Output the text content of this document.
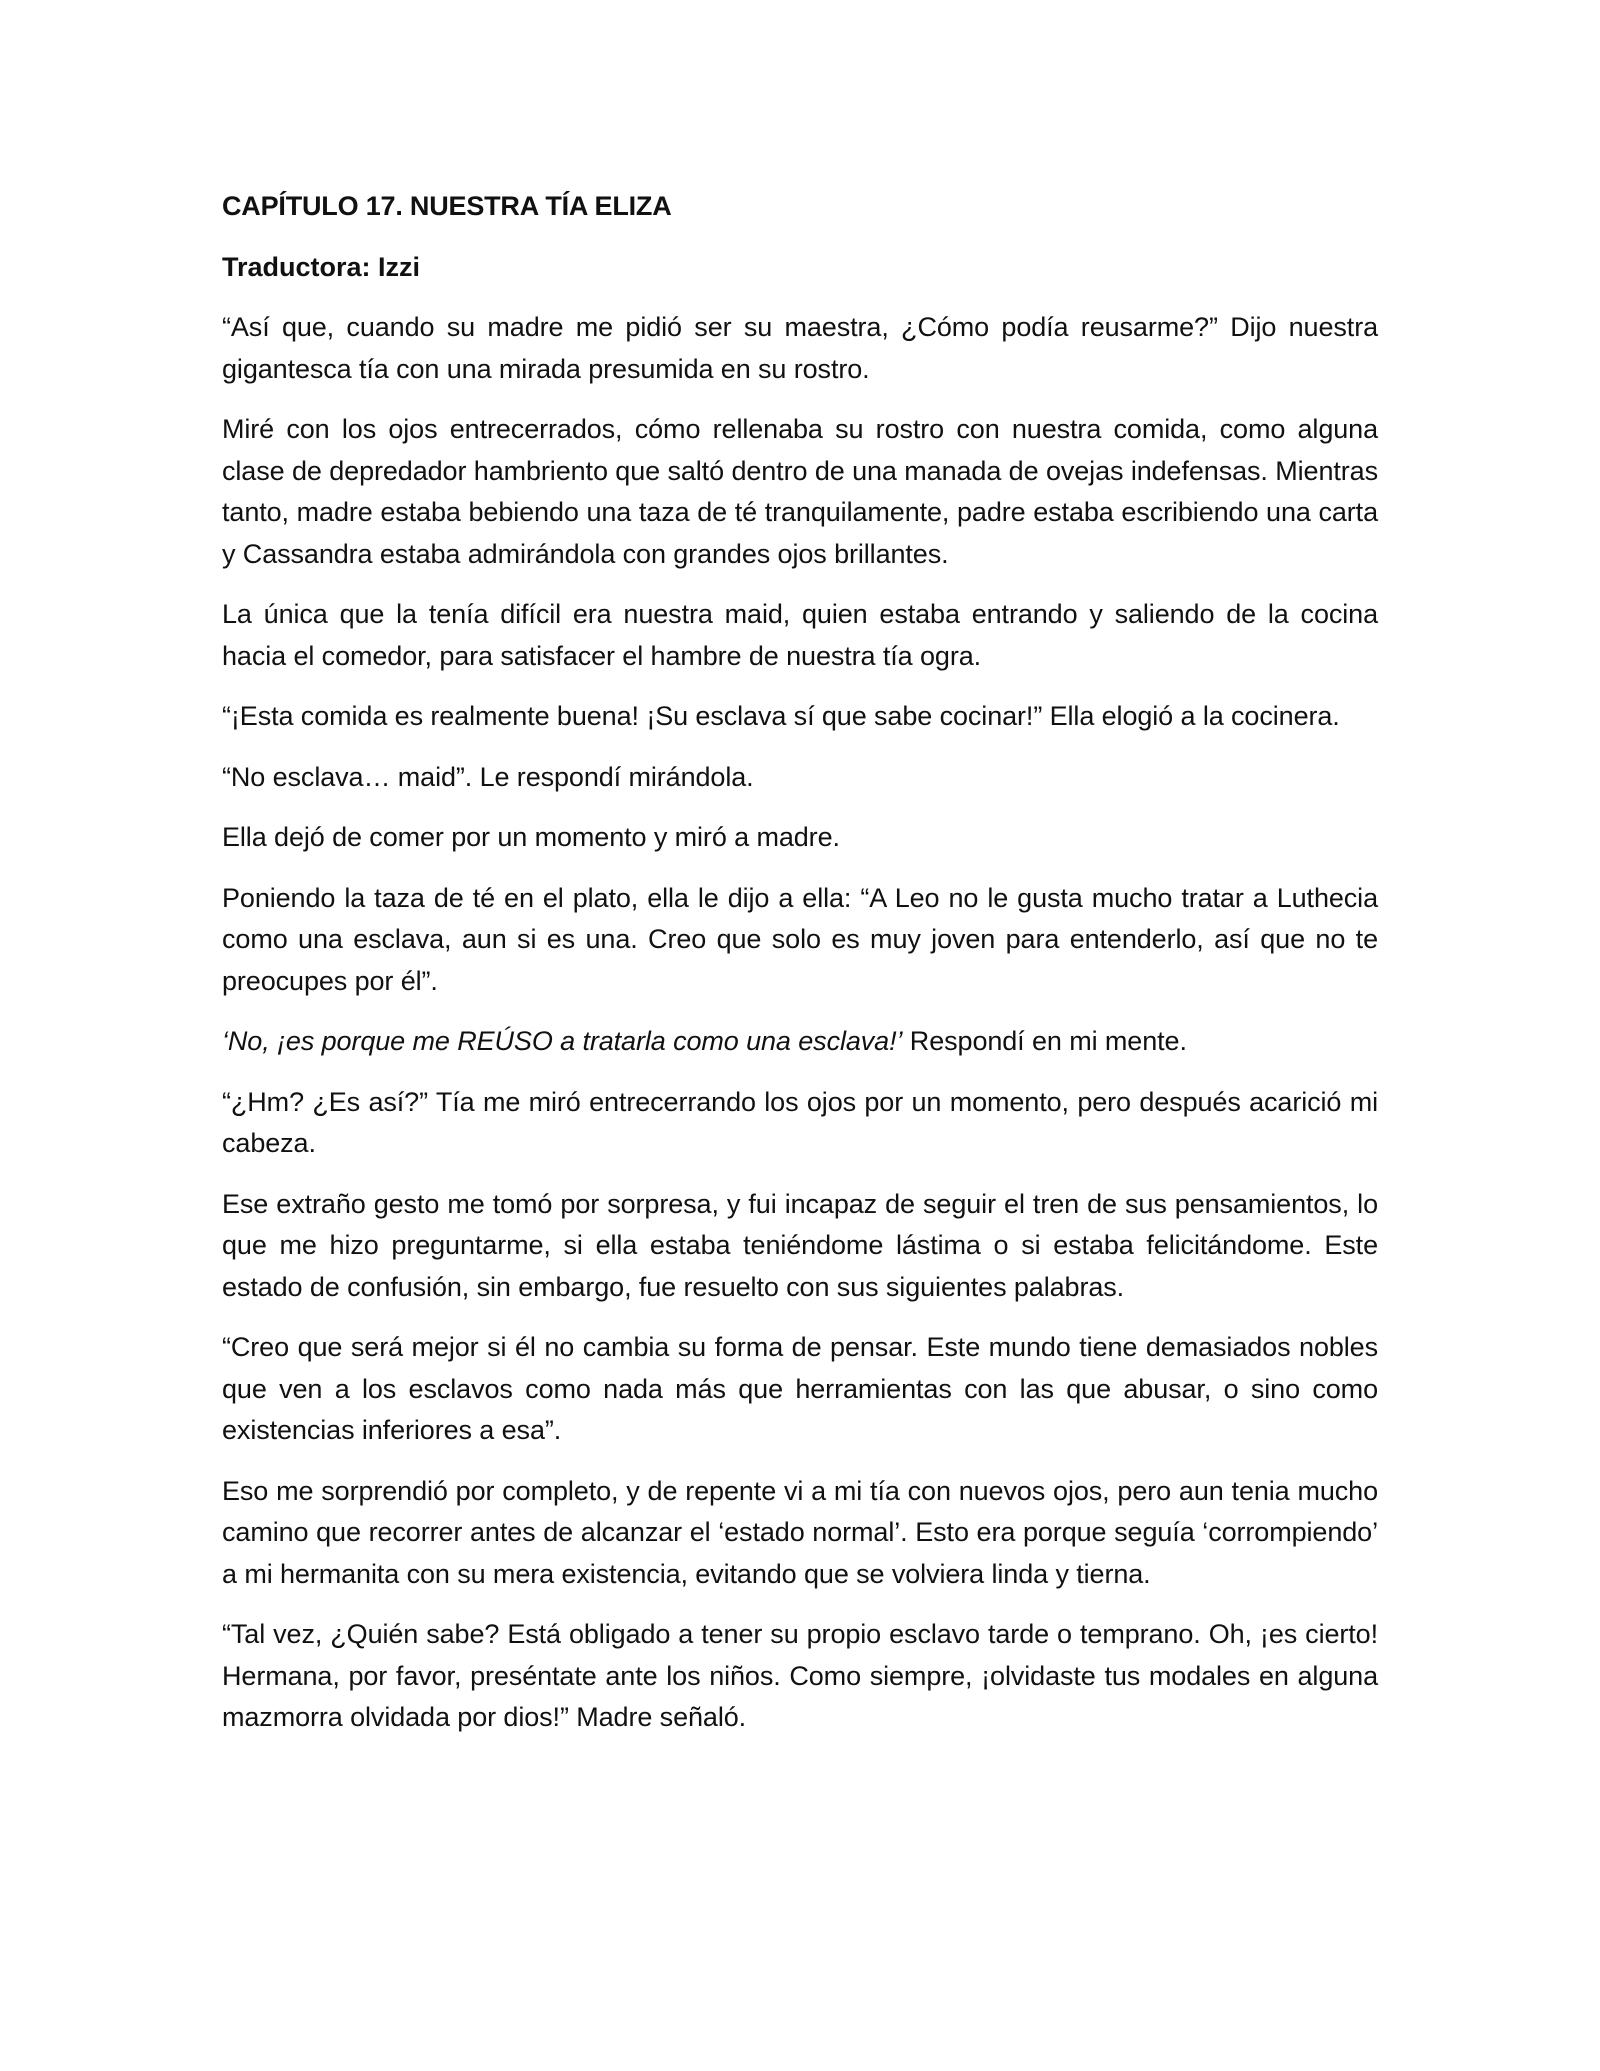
CAPÍTULO 17. NUESTRA TÍA ELIZA
Traductora: Izzi

“Así que, cuando su madre me pidió ser su maestra, ¿Cómo podía reusarme?” Dijo nuestra gigantesca tía con una mirada presumida en su rostro.

Miré con los ojos entrecerrados, cómo rellenaba su rostro con nuestra comida, como alguna clase de depredador hambriento que saltó dentro de una manada de ovejas indefensas. Mientras tanto, madre estaba bebiendo una taza de té tranquilamente, padre estaba escribiendo una carta y Cassandra estaba admirándola con grandes ojos brillantes.

La única que la tenía difícil era nuestra maid, quien estaba entrando y saliendo de la cocina hacia el comedor, para satisfacer el hambre de nuestra tía ogra.

“¡Esta comida es realmente buena! ¡Su esclava sí que sabe cocinar!” Ella elogió a la cocinera.

“No esclava… maid”. Le respondí mirándola.

Ella dejó de comer por un momento y miró a madre.

Poniendo la taza de té en el plato, ella le dijo a ella: “A Leo no le gusta mucho tratar a Luthecia como una esclava, aun si es una. Creo que solo es muy joven para entenderlo, así que no te preocupes por él”.

‘No, ¡es porque me REÚSO a tratarla como una esclava!’ Respondí en mi mente.

“¿Hm? ¿Es así?” Tía me miró entrecerrando los ojos por un momento, pero después acarició mi cabeza.

Ese extraño gesto me tomó por sorpresa, y fui incapaz de seguir el tren de sus pensamientos, lo que me hizo preguntarme, si ella estaba teniéndome lástima o si estaba felicitándome. Este estado de confusión, sin embargo, fue resuelto con sus siguientes palabras.

“Creo que será mejor si él no cambia su forma de pensar. Este mundo tiene demasiados nobles que ven a los esclavos como nada más que herramientas con las que abusar, o sino como existencias inferiores a esa”.

Eso me sorprendió por completo, y de repente vi a mi tía con nuevos ojos, pero aun tenia mucho camino que recorrer antes de alcanzar el ‘estado normal’. Esto era porque seguía ‘corrompiendo’ a mi hermanita con su mera existencia, evitando que se volviera linda y tierna.

“Tal vez, ¿Quién sabe? Está obligado a tener su propio esclavo tarde o temprano. Oh, ¡es cierto! Hermana, por favor, preséntate ante los niños. Como siempre, ¡olvidaste tus modales en alguna mazmorra olvidada por dios!” Madre señaló.
